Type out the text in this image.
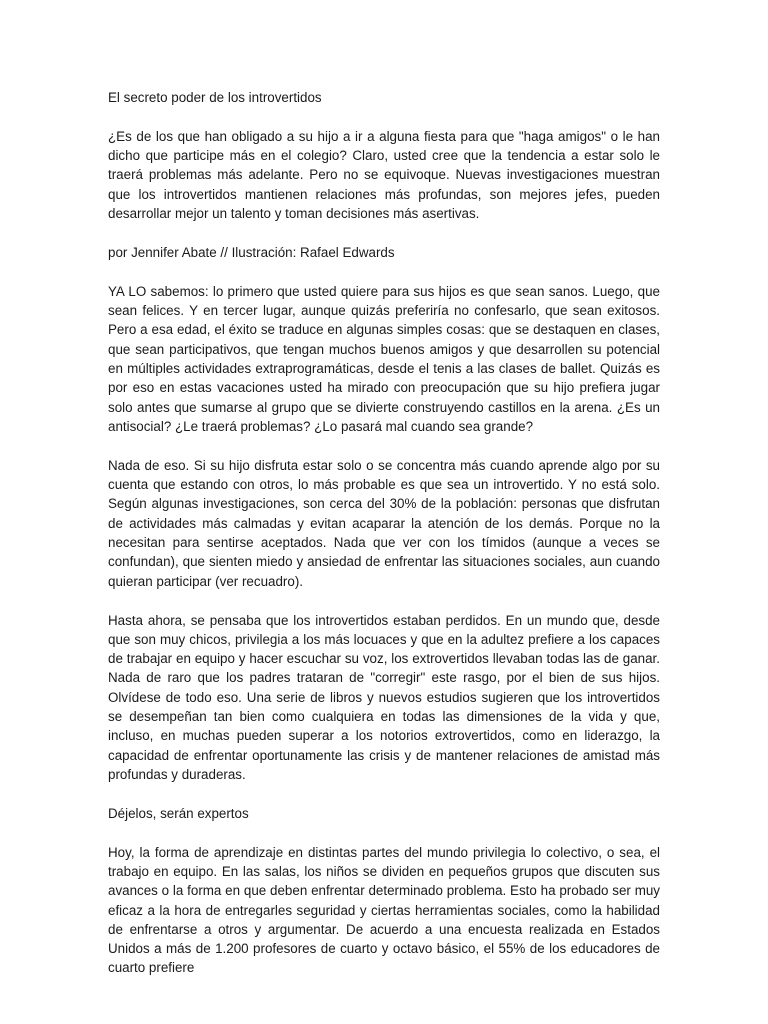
El secreto poder de los introvertidos

¿Es de los que han obligado a su hijo a ir a alguna fiesta para que "haga amigos" o le han dicho que participe más en el colegio? Claro, usted cree que la tendencia a estar solo le traerá problemas más adelante. Pero no se equivoque. Nuevas investigaciones muestran que los introvertidos mantienen relaciones más profundas, son mejores jefes, pueden desarrollar mejor un talento y toman decisiones más asertivas.

por Jennifer Abate // Ilustración: Rafael Edwards

YA LO sabemos: lo primero que usted quiere para sus hijos es que sean sanos. Luego, que sean felices. Y en tercer lugar, aunque quizás preferiría no confesarlo, que sean exitosos. Pero a esa edad, el éxito se traduce en algunas simples cosas: que se destaquen en clases, que sean participativos, que tengan muchos buenos amigos y que desarrollen su potencial en múltiples actividades extraprogramáticas, desde el tenis a las clases de ballet. Quizás es por eso en estas vacaciones usted ha mirado con preocupación que su hijo prefiera jugar solo antes que sumarse al grupo que se divierte construyendo castillos en la arena. ¿Es un antisocial? ¿Le traerá problemas? ¿Lo pasará mal cuando sea grande?

Nada de eso. Si su hijo disfruta estar solo o se concentra más cuando aprende algo por su cuenta que estando con otros, lo más probable es que sea un introvertido. Y no está solo. Según algunas investigaciones, son cerca del 30% de la población: personas que disfrutan de actividades más calmadas y evitan acaparar la atención de los demás. Porque no la necesitan para sentirse aceptados. Nada que ver con los tímidos (aunque a veces se confundan), que sienten miedo y ansiedad de enfrentar las situaciones sociales, aun cuando quieran participar (ver recuadro).

Hasta ahora, se pensaba que los introvertidos estaban perdidos. En un mundo que, desde que son muy chicos, privilegia a los más locuaces y que en la adultez prefiere a los capaces de trabajar en equipo y hacer escuchar su voz, los extrovertidos llevaban todas las de ganar. Nada de raro que los padres trataran de "corregir" este rasgo, por el bien de sus hijos. Olvídese de todo eso. Una serie de libros y nuevos estudios sugieren que los introvertidos se desempeñan tan bien como cualquiera en todas las dimensiones de la vida y que, incluso, en muchas pueden superar a los notorios extrovertidos, como en liderazgo, la capacidad de enfrentar oportunamente las crisis y de mantener relaciones de amistad más profundas y duraderas.

Déjelos, serán expertos

Hoy, la forma de aprendizaje en distintas partes del mundo privilegia lo colectivo, o sea, el trabajo en equipo. En las salas, los niños se dividen en pequeños grupos que discuten sus avances o la forma en que deben enfrentar determinado problema. Esto ha probado ser muy eficaz a la hora de entregarles seguridad y ciertas herramientas sociales, como la habilidad de enfrentarse a otros y argumentar. De acuerdo a una encuesta realizada en Estados Unidos a más de 1.200 profesores de cuarto y octavo básico, el 55% de los educadores de cuarto prefiere
